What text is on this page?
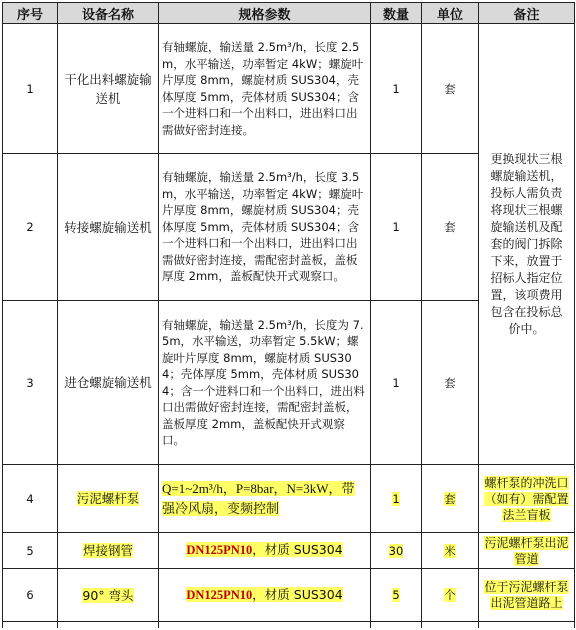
序号	设备名称	规格参数	数量	单位	备注
1	干化出料螺旋输送机	有轴螺旋，输送量 2.5m³/h，长度 2.5m，水平输送，功率暂定 4kW；螺旋叶片厚度 8mm，螺旋材质 SUS304，壳体厚度 5mm，壳体材质 SUS304；含一个进料口和一个出料口，进出料口出需做好密封连接。	1	套	更换现状三根螺旋输送机，投标人需负责将现状三根螺旋输送机及配套的阀门拆除下来，放置于招标人指定位置，该项费用包含在投标总价中。
2	转接螺旋输送机	有轴螺旋，输送量 2.5m³/h，长度 3.5m，水平输送，功率暂定 4kW；螺旋叶片厚度 8mm，螺旋材质 SUS304；壳体厚度 5mm，壳体材质 SUS304；含一个进料口和一个出料口，进出料口出需做好密封连接，需配密封盖板，盖板厚度 2mm，盖板配快开式观察口。	1	套	
3	进仓螺旋输送机	有轴螺旋，输送量 2.5m³/h，长度为 7.5m，水平输送，功率暂定 5.5kW；螺旋叶片厚度 8mm，螺旋材质 SUS304；壳体厚度 5mm，壳体材质 SUS304；含一个进料口和一个出料口，进出料口出需做好密封连接，需配密封盖板，盖板厚度 2mm，盖板配快开式观察口。	1	套	
4	污泥螺杆泵	Q=1~2m³/h，P=8bar，N=3kW，带强冷风扇，变频控制	1	套	螺杆泵的冲洗口（如有）需配置法兰盲板
5	焊接钢管	DN125PN10，材质 SUS304	30	米	污泥螺杆泵出泥管道
6	90° 弯头	DN125PN10，材质 SUS304	5	个	位于污泥螺杆泵出泥管道路上
